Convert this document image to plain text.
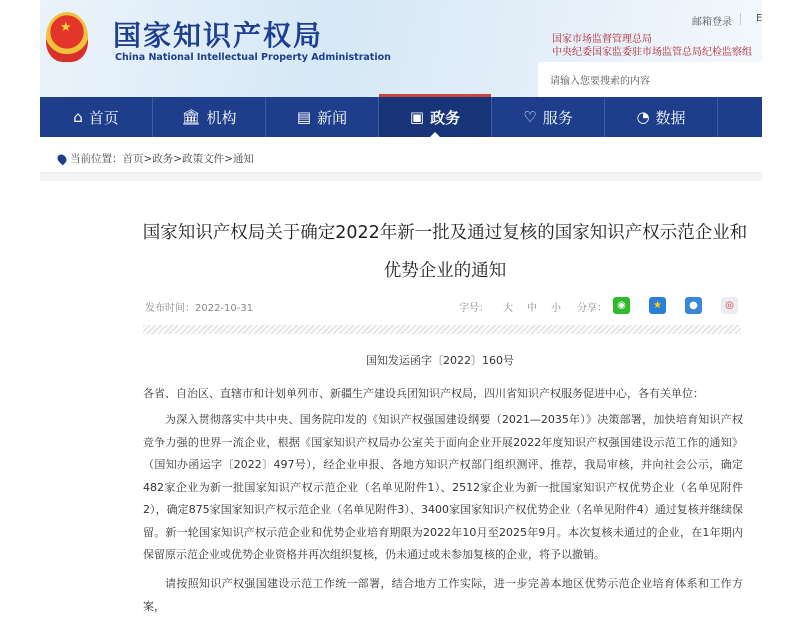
★ 国家知识产权局
China National Intellectual Property Administration
邮箱登录 E
国家市场监督管理总局
中央纪委国家监委驻市场监管总局纪检监察组
请输入您要搜索的内容
⌂ 首页	🏛 机构	▤ 新闻	▣ 政务	♡ 服务	◔ 数据
当前位置：首页>政务>政策文件>通知
国家知识产权局关于确定2022年新一批及通过复核的国家知识产权示范企业和优势企业的通知
发布时间：2022-10-31	字号： 大 中 小 分享：	◉	★	●	◎
国知发运函字〔2022〕160号
各省、自治区、直辖市和计划单列市、新疆生产建设兵团知识产权局，四川省知识产权服务促进中心，各有关单位：
为深入贯彻落实中共中央、国务院印发的《知识产权强国建设纲要（2021—2035年）》决策部署，加快培育知识产权竞争力强的世界一流企业，根据《国家知识产权局办公室关于面向企业开展2022年度知识产权强国建设示范工作的通知》（国知办函运字〔2022〕497号），经企业申报、各地方知识产权部门组织测评、推荐，我局审核，并向社会公示，确定482家企业为新一批国家知识产权示范企业（名单见附件1）、2512家企业为新一批国家知识产权优势企业（名单见附件2），确定875家国家知识产权示范企业（名单见附件3）、3400家国家知识产权优势企业（名单见附件4）通过复核并继续保留。新一轮国家知识产权示范企业和优势企业培育期限为2022年10月至2025年9月。本次复核未通过的企业，在1年期内保留原示范企业或优势企业资格并再次组织复核，仍未通过或未参加复核的企业，将予以撤销。
请按照知识产权强国建设示范工作统一部署，结合地方工作实际，进一步完善本地区优势示范企业培育体系和工作方案，
